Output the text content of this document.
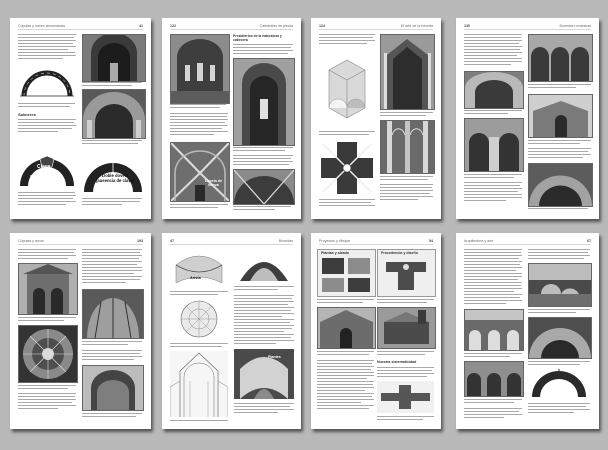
Cúpulas y naves abovedadas	41
Salmeres
Clave
Salmeres
Dovela
Doble dovela
(ausencia de clave)
122	Catedrales de piedra
Dovela de
fuerza
Presbiterios de la naturaleza y
cabecera
124	El arte de la bóveda	130	Bóvedas románicas
Cúpulas y arcos	193	47	Bóvedas
Arista
Plantes
Proyectos y dibujos	54
Plantas y alzado	Procedencia y diseño
Nuestra sistematicidad
Arquitectura y arte	67
